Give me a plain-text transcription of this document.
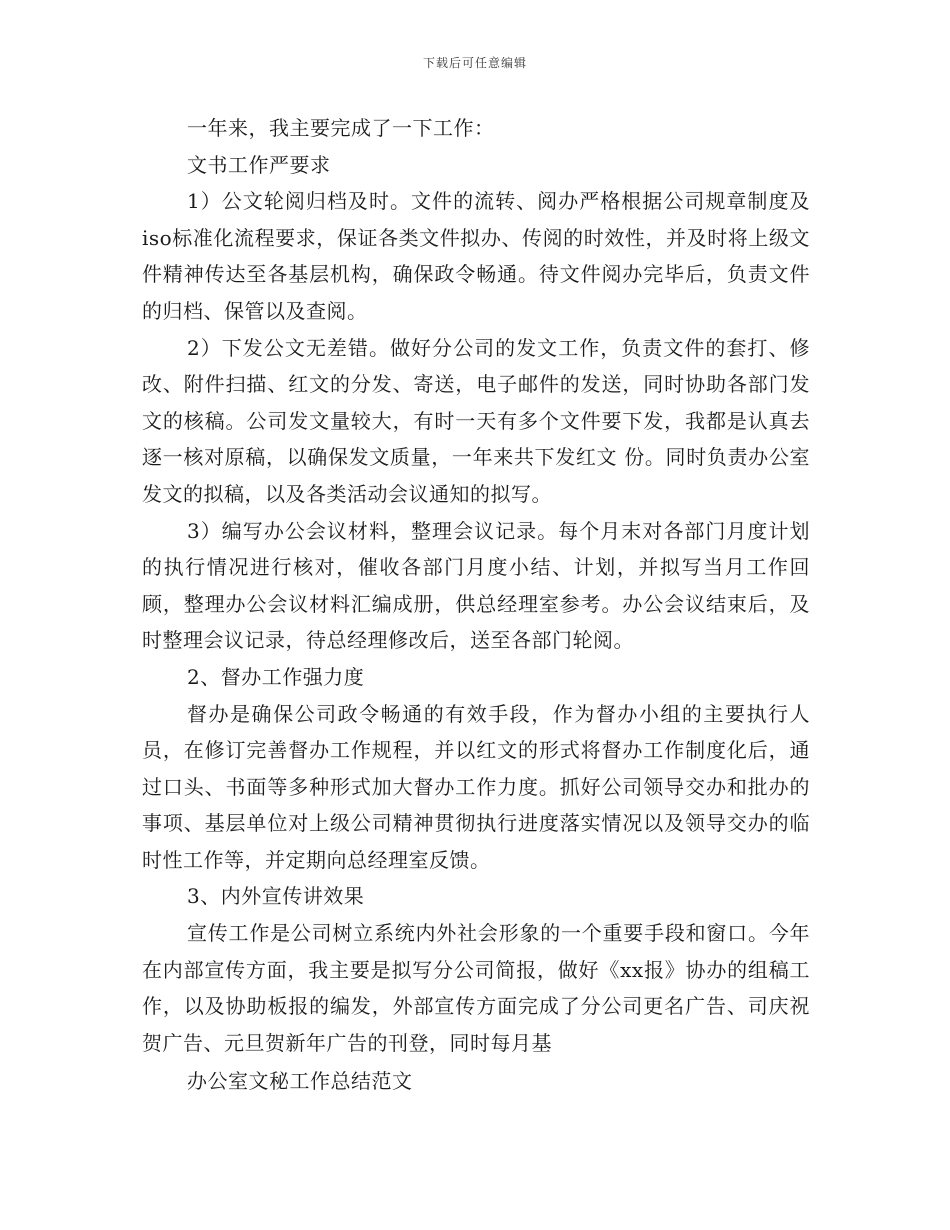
下载后可任意编辑

一年来，我主要完成了一下工作：

文书工作严要求

1）公文轮阅归档及时。文件的流转、阅办严格根据公司规章制度及iso标准化流程要求，保证各类文件拟办、传阅的时效性，并及时将上级文件精神传达至各基层机构，确保政令畅通。待文件阅办完毕后，负责文件的归档、保管以及查阅。

2）下发公文无差错。做好分公司的发文工作，负责文件的套打、修改、附件扫描、红文的分发、寄送，电子邮件的发送，同时协助各部门发文的核稿。公司发文量较大，有时一天有多个文件要下发，我都是认真去逐一核对原稿，以确保发文质量，一年来共下发红文 份。同时负责办公室发文的拟稿，以及各类活动会议通知的拟写。

3）编写办公会议材料，整理会议记录。每个月末对各部门月度计划的执行情况进行核对，催收各部门月度小结、计划，并拟写当月工作回顾，整理办公会议材料汇编成册，供总经理室参考。办公会议结束后，及时整理会议记录，待总经理修改后，送至各部门轮阅。

2、督办工作强力度

督办是确保公司政令畅通的有效手段，作为督办小组的主要执行人员，在修订完善督办工作规程，并以红文的形式将督办工作制度化后，通过口头、书面等多种形式加大督办工作力度。抓好公司领导交办和批办的事项、基层单位对上级公司精神贯彻执行进度落实情况以及领导交办的临时性工作等，并定期向总经理室反馈。

3、内外宣传讲效果

宣传工作是公司树立系统内外社会形象的一个重要手段和窗口。今年在内部宣传方面，我主要是拟写分公司简报，做好《xx报》协办的组稿工作，以及协助板报的编发，外部宣传方面完成了分公司更名广告、司庆祝贺广告、元旦贺新年广告的刊登，同时每月基

办公室文秘工作总结范文
